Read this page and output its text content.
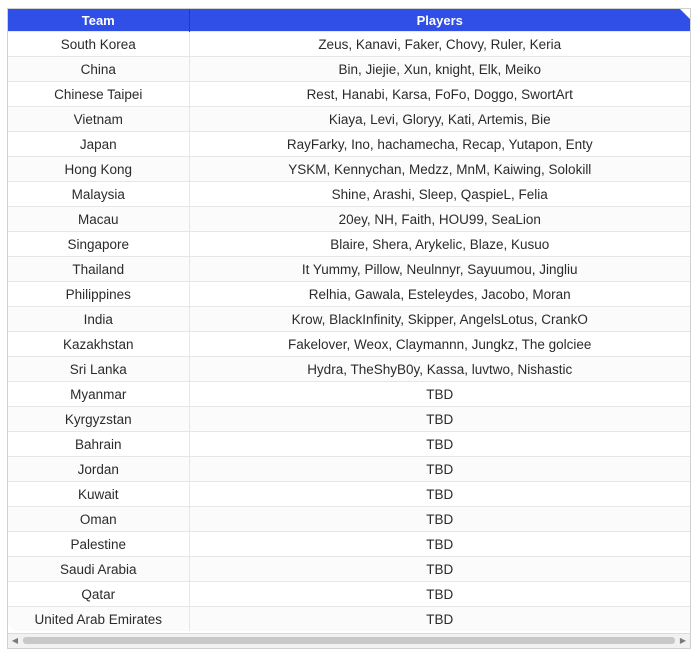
Team	Players
South Korea	Zeus, Kanavi, Faker, Chovy, Ruler, Keria
China	Bin, Jiejie, Xun, knight, Elk, Meiko
Chinese Taipei	Rest, Hanabi, Karsa, FoFo, Doggo, SwortArt
Vietnam	Kiaya, Levi, Gloryy, Kati, Artemis, Bie
Japan	RayFarky, Ino, hachamecha, Recap, Yutapon, Enty
Hong Kong	YSKM, Kennychan, Medzz, MnM, Kaiwing, Solokill
Malaysia	Shine, Arashi, Sleep, QaspieL, Felia
Macau	20ey, NH, Faith, HOU99, SeaLion
Singapore	Blaire, Shera, Arykelic, Blaze, Kusuo
Thailand	It Yummy, Pillow, Neulnnyr, Sayuumou, Jingliu
Philippines	Relhia, Gawala, Esteleydes, Jacobo, Moran
India	Krow, BlackInfinity, Skipper, AngelsLotus, CrankO
Kazakhstan	Fakelover, Weox, Claymannn, Jungkz, The golciee
Sri Lanka	Hydra, TheShyB0y, Kassa, luvtwo, Nishastic
Myanmar	TBD
Kyrgyzstan	TBD
Bahrain	TBD
Jordan	TBD
Kuwait	TBD
Oman	TBD
Palestine	TBD
Saudi Arabia	TBD
Qatar	TBD
United Arab Emirates	TBD
◀	▶
